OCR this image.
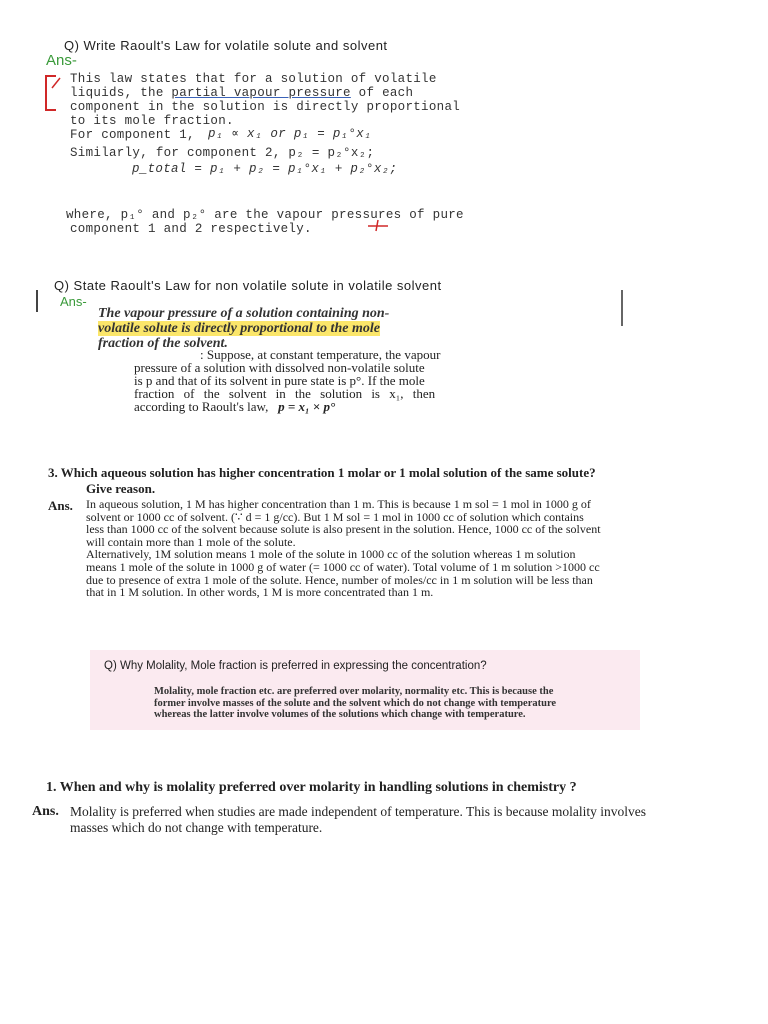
Q) Write Raoult's Law for volatile solute and solvent
Ans-

This law states that for a solution of volatile

liquids, the partial vapour pressure of each

component in the solution is directly proportional

to its mole fraction.

For component 1,	p₁ ∝ x₁ or p₁ = p₁°x₁
Similarly, for component 2, p₂ = p₂°x₂;
p_total = p₁ + p₂ = p₁°x₁ + p₂°x₂;
where, p₁° and p₂° are the vapour pressures of pure
component 1 and 2 respectively.
Q) State Raoult's Law for non volatile solute in volatile solvent
Ans-
The vapour pressure of a solution containing non-
volatile solute is directly proportional to the mole
fraction of the solvent.

: Suppose, at constant temperature, the vapour

pressure of a solution with dissolved non-volatile solute

is p and that of its solvent in pure state is p°. If the mole

fraction of the solvent in the solution is x₁, then

according to Raoult's law, p = x₁ × p°

3. Which aqueous solution has higher concentration 1 molar or 1 molal solution of the same solute?
Give reason.
Ans. In aqueous solution, 1 M has higher concentration than 1 m. This is because 1 m sol = 1 mol in 1000 g of

solvent or 1000 cc of solvent. (∵ d = 1 g/cc). But 1 M sol = 1 mol in 1000 cc of solution which contains

less than 1000 cc of the solvent because solute is also present in the solution. Hence, 1000 cc of the solvent

will contain more than 1 mole of the solute.

Alternatively, 1M solution means 1 mole of the solute in 1000 cc of the solution whereas 1 m solution

means 1 mole of the solute in 1000 g of water (= 1000 cc of water). Total volume of 1 m solution >1000 cc

due to presence of extra 1 mole of the solute. Hence, number of moles/cc in 1 m solution will be less than

that in 1 M solution. In other words, 1 M is more concentrated than 1 m.

Q) Why Molality, Mole fraction is preferred in expressing the concentration?

Molality, mole fraction etc. are preferred over molarity, normality etc. This is because the

former involve masses of the solute and the solvent which do not change with temperature

whereas the latter involve volumes of the solutions which change with temperature.

1. When and why is molality preferred over molarity in handling solutions in chemistry ?
Ans. Molality is preferred when studies are made independent of temperature. This is because molality involves

masses which do not change with temperature.
